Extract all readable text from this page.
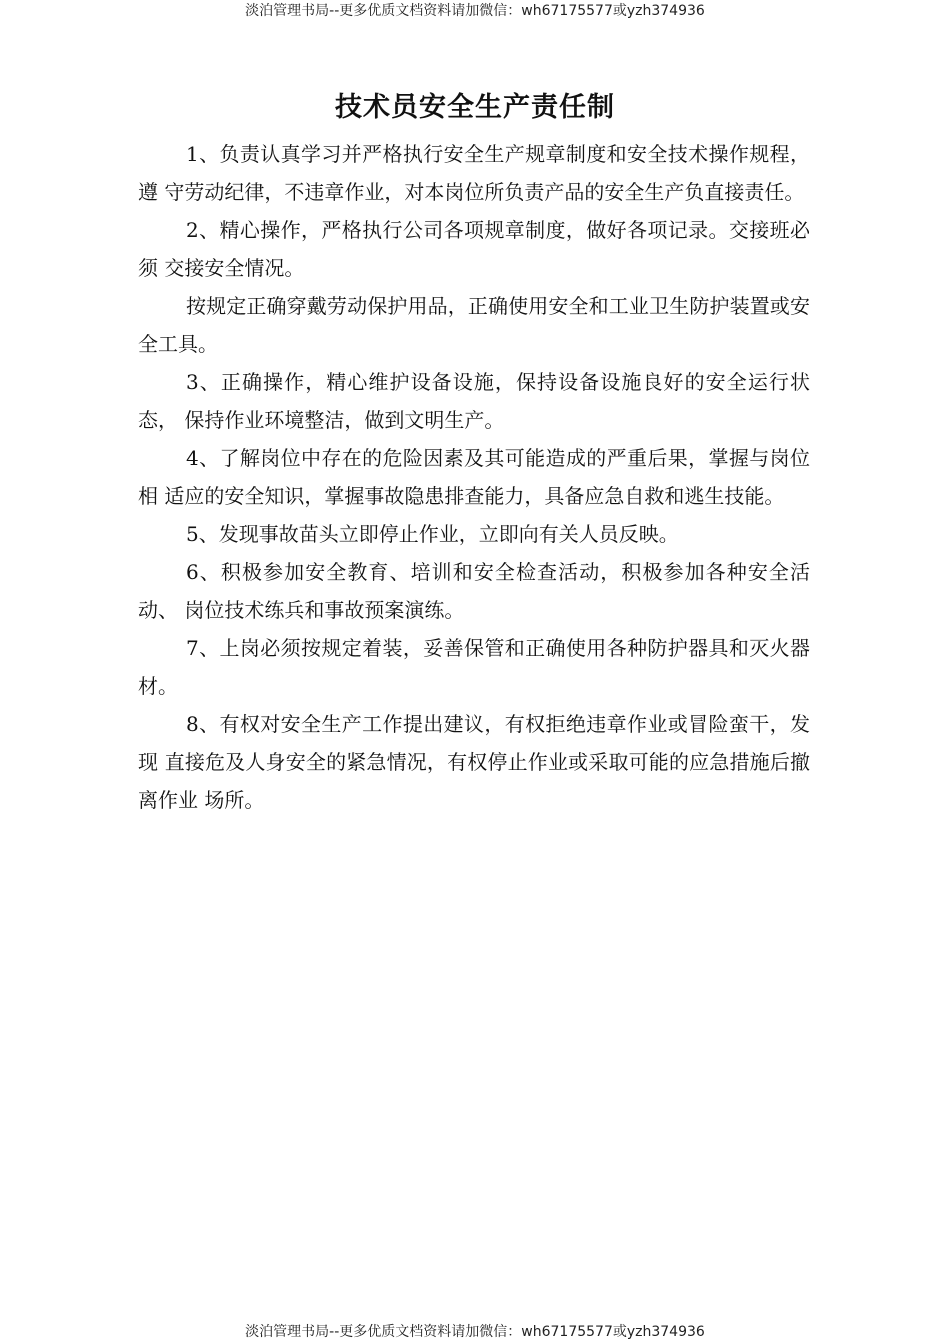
淡泊管理书局--更多优质文档资料请加微信：wh67175577或yzh374936
技术员安全生产责任制

1、负责认真学习并严格执行安全生产规章制度和安全技术操作规程，遵 守劳动纪律，不违章作业，对本岗位所负责产品的安全生产负直接责任。

2、精心操作，严格执行公司各项规章制度，做好各项记录。交接班必须 交接安全情况。

按规定正确穿戴劳动保护用品，正确使用安全和工业卫生防护装置或安全工具。

3、正确操作，精心维护设备设施，保持设备设施良好的安全运行状态， 保持作业环境整洁，做到文明生产。

4、了解岗位中存在的危险因素及其可能造成的严重后果，掌握与岗位相 适应的安全知识，掌握事故隐患排查能力，具备应急自救和逃生技能。

5、发现事故苗头立即停止作业，立即向有关人员反映。

6、积极参加安全教育、培训和安全检查活动，积极参加各种安全活动、 岗位技术练兵和事故预案演练。

7、上岗必须按规定着装，妥善保管和正确使用各种防护器具和灭火器材。

8、有权对安全生产工作提出建议，有权拒绝违章作业或冒险蛮干，发现 直接危及人身安全的紧急情况，有权停止作业或采取可能的应急措施后撤离作业 场所。

淡泊管理书局--更多优质文档资料请加微信：wh67175577或yzh374936
